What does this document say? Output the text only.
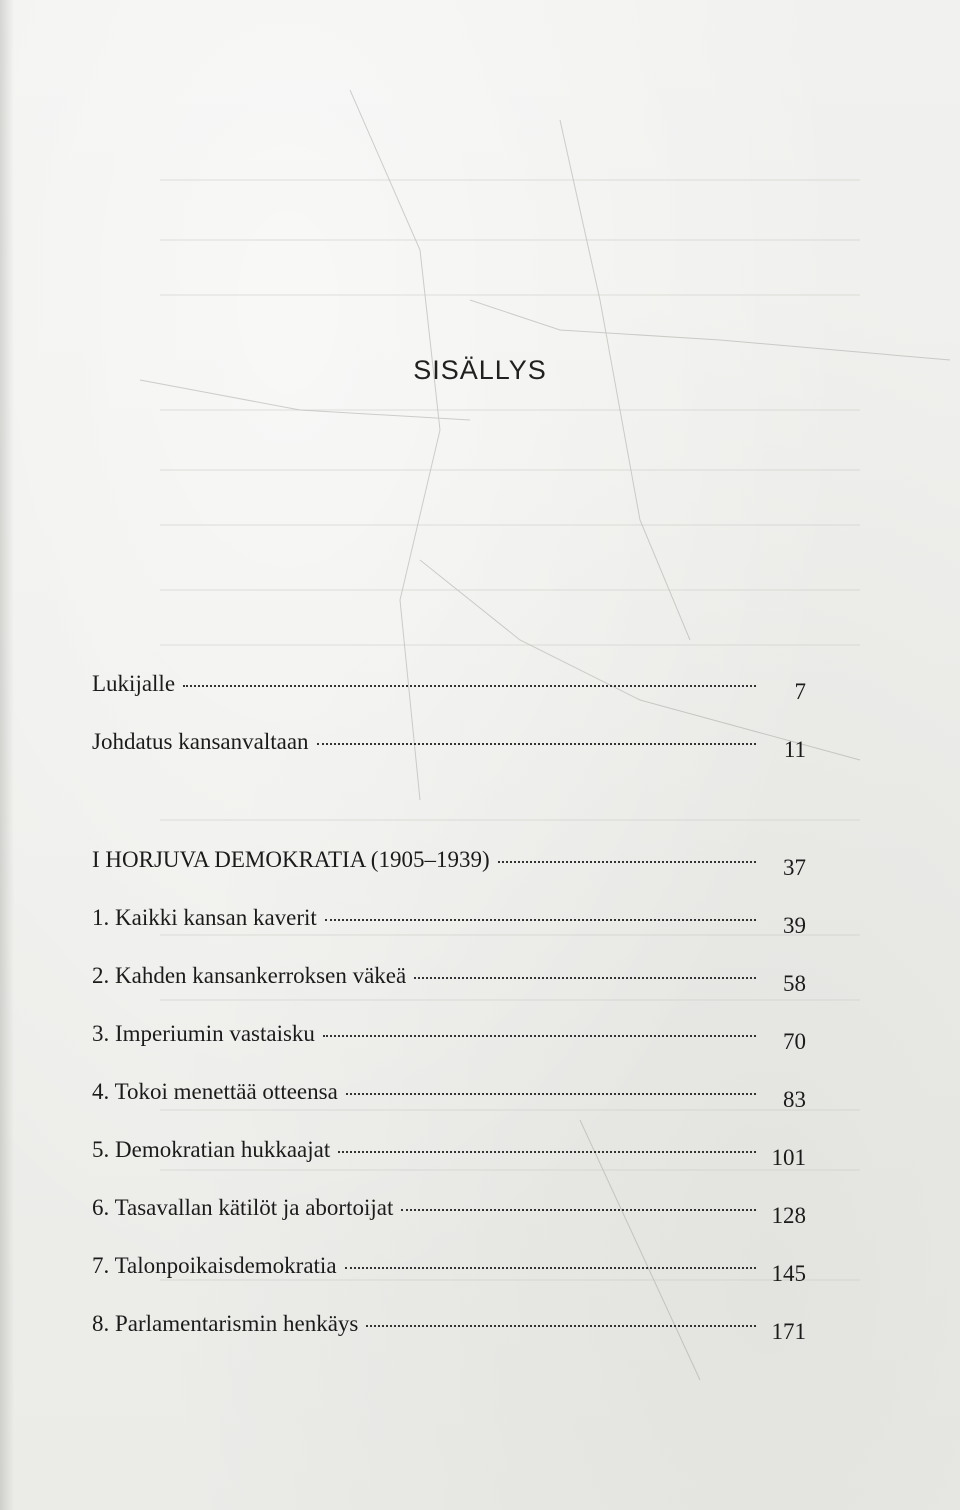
SISÄLLYS
Lukijalle	7
Johdatus kansanvaltaan	11
I HORJUVA DEMOKRATIA (1905–1939)	37
1. Kaikki kansan kaverit	39
2. Kahden kansankerroksen väkeä	58
3. Imperiumin vastaisku	70
4. Tokoi menettää otteensa	83
5. Demokratian hukkaajat	101
6. Tasavallan kätilöt ja abortoijat	128
7. Talonpoikaisdemokratia	145
8. Parlamentarismin henkäys	171
